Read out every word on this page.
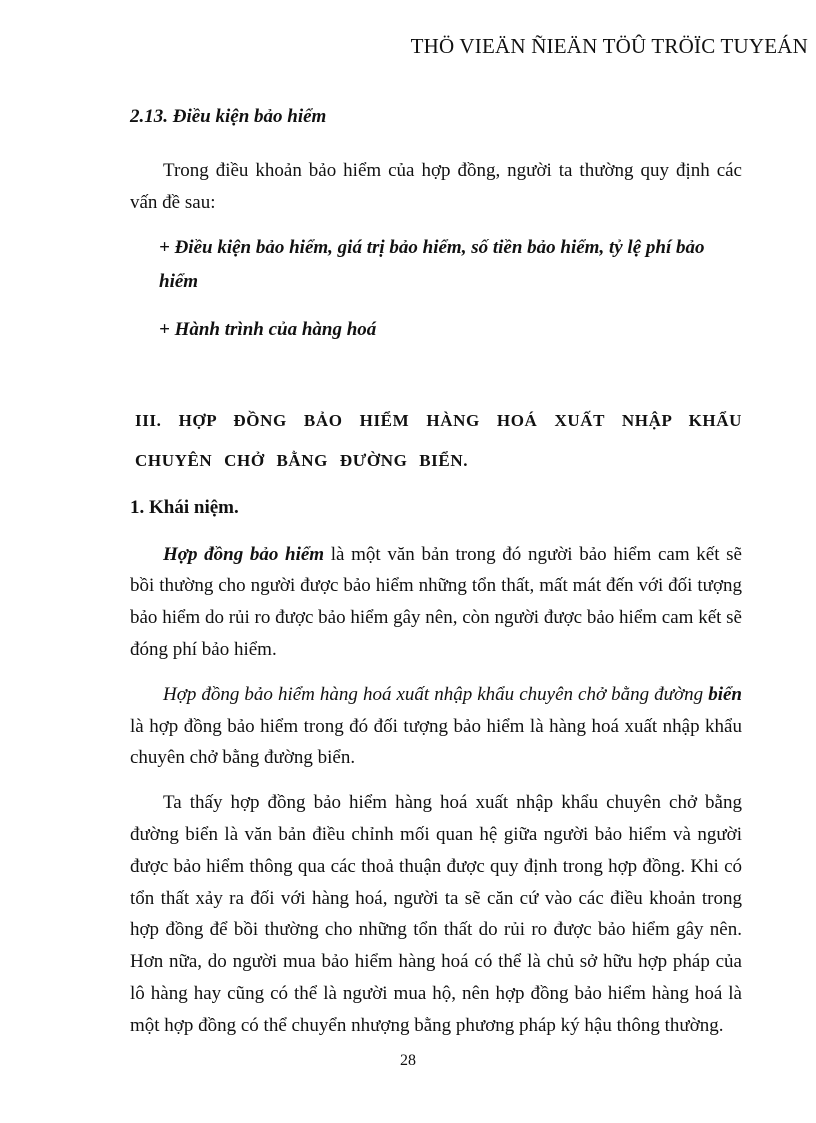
THÖ VIEÄN ÑIEÄN TÖÛ TRÖÏC TUYEÁN
2.13. Điều kiện bảo hiểm

Trong điều khoản bảo hiểm của hợp đồng, người ta thường quy định các vấn đề sau:

+ Điều kiện bảo hiểm, giá trị bảo hiểm, số tiền bảo hiểm, tỷ lệ phí bảo hiểm
+ Hành trình của hàng hoá
III. HỢP ĐỒNG BẢO HIỂM HÀNG HOÁ XUẤT NHẬP KHẨU CHUYÊN CHỞ BẰNG ĐƯỜNG BIỂN.
1. Khái niệm.

Hợp đồng bảo hiểm là một văn bản trong đó người bảo hiểm cam kết sẽ bồi thường cho người được bảo hiểm những tổn thất, mất mát đến với đối tượng bảo hiểm do rủi ro được bảo hiểm gây nên, còn người được bảo hiểm cam kết sẽ đóng phí bảo hiểm.

Hợp đồng bảo hiểm hàng hoá xuất nhập khẩu chuyên chở bằng đường biển là hợp đồng bảo hiểm trong đó đối tượng bảo hiểm là hàng hoá xuất nhập khẩu chuyên chở bằng đường biển.

Ta thấy hợp đồng bảo hiểm hàng hoá xuất nhập khẩu chuyên chở bằng đường biển là văn bản điều chỉnh mối quan hệ giữa người bảo hiểm và người được bảo hiểm thông qua các thoả thuận được quy định trong hợp đồng. Khi có tổn thất xảy ra đối với hàng hoá, người ta sẽ căn cứ vào các điều khoản trong hợp đồng để bồi thường cho những tổn thất do rủi ro được bảo hiểm gây nên. Hơn nữa, do người mua bảo hiểm hàng hoá có thể là chủ sở hữu hợp pháp của lô hàng hay cũng có thể là người mua hộ, nên hợp đồng bảo hiểm hàng hoá là một hợp đồng có thể chuyển nhượng bằng phương pháp ký hậu thông thường.

28
